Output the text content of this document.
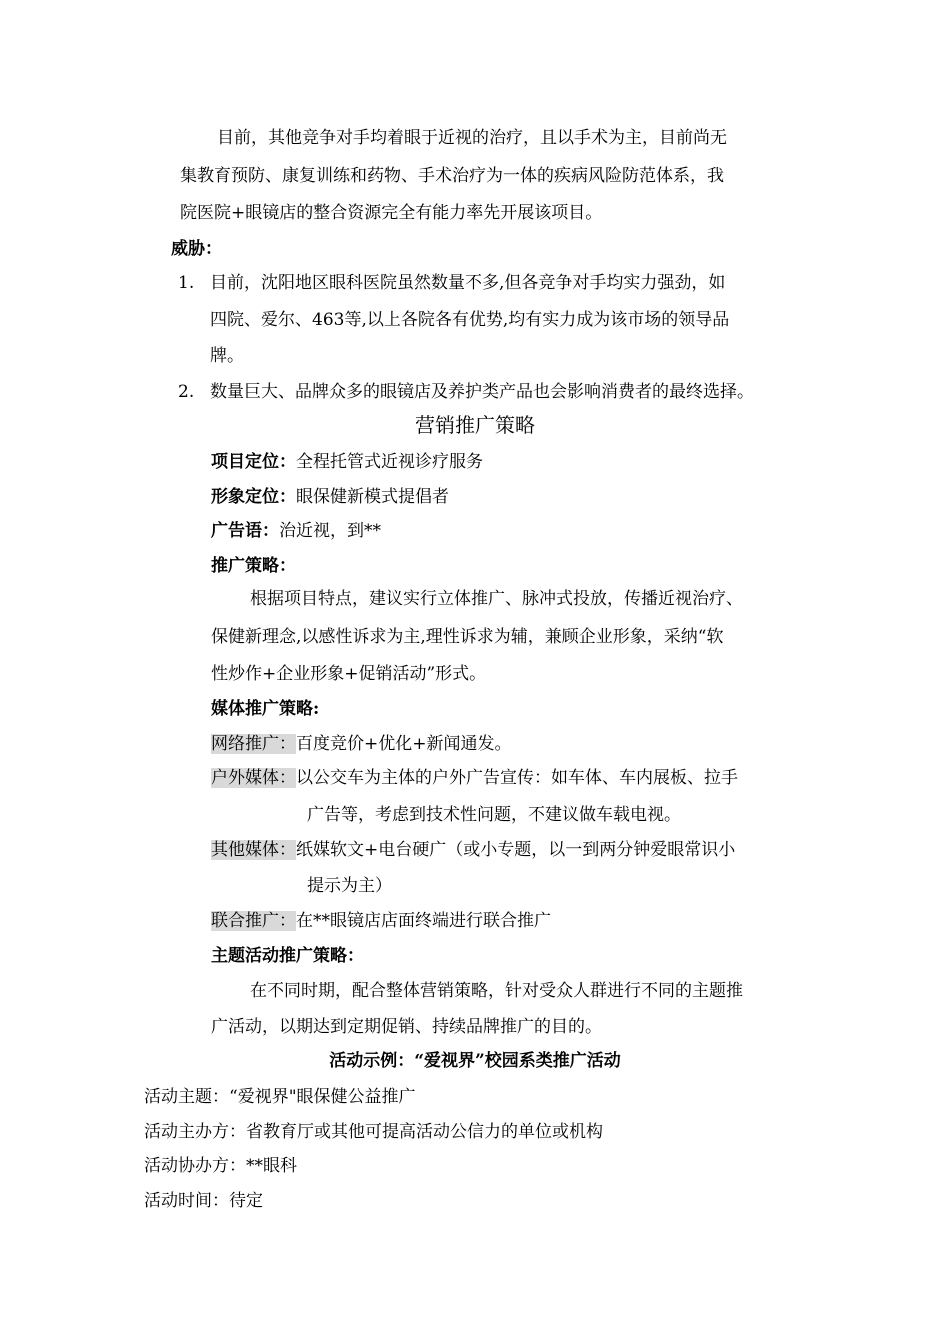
目前，其他竞争对手均着眼于近视的治疗，且以手术为主，目前尚无
集教育预防、康复训练和药物、手术治疗为一体的疾病风险防范体系，我
院医院+眼镜店的整合资源完全有能力率先开展该项目。
威胁：
1. 目前，沈阳地区眼科医院虽然数量不多,但各竞争对手均实力强劲，如
四院、爱尔、463等,以上各院各有优势,均有实力成为该市场的领导品
牌。
2. 数量巨大、品牌众多的眼镜店及养护类产品也会影响消费者的最终选择。
营销推广策略
项目定位：全程托管式近视诊疗服务
形象定位：眼保健新模式提倡者
广告语：治近视，到**
推广策略：
根据项目特点，建议实行立体推广、脉冲式投放，传播近视治疗、
保健新理念,以感性诉求为主,理性诉求为辅，兼顾企业形象，采纳“软
性炒作+企业形象+促销活动”形式。
媒体推广策略:
网络推广：百度竞价+优化+新闻通发。
户外媒体：以公交车为主体的户外广告宣传：如车体、车内展板、拉手
广告等，考虑到技术性问题，不建议做车载电视。
其他媒体：纸媒软文+电台硬广（或小专题，以一到两分钟爱眼常识小
提示为主）
联合推广：在**眼镜店店面终端进行联合推广
主题活动推广策略：
在不同时期，配合整体营销策略，针对受众人群进行不同的主题推
广活动，以期达到定期促销、持续品牌推广的目的。
活动示例：“爱视界”校园系类推广活动
活动主题：“爱视界"眼保健公益推广
活动主办方：省教育厅或其他可提高活动公信力的单位或机构
活动协办方：**眼科
活动时间：待定
